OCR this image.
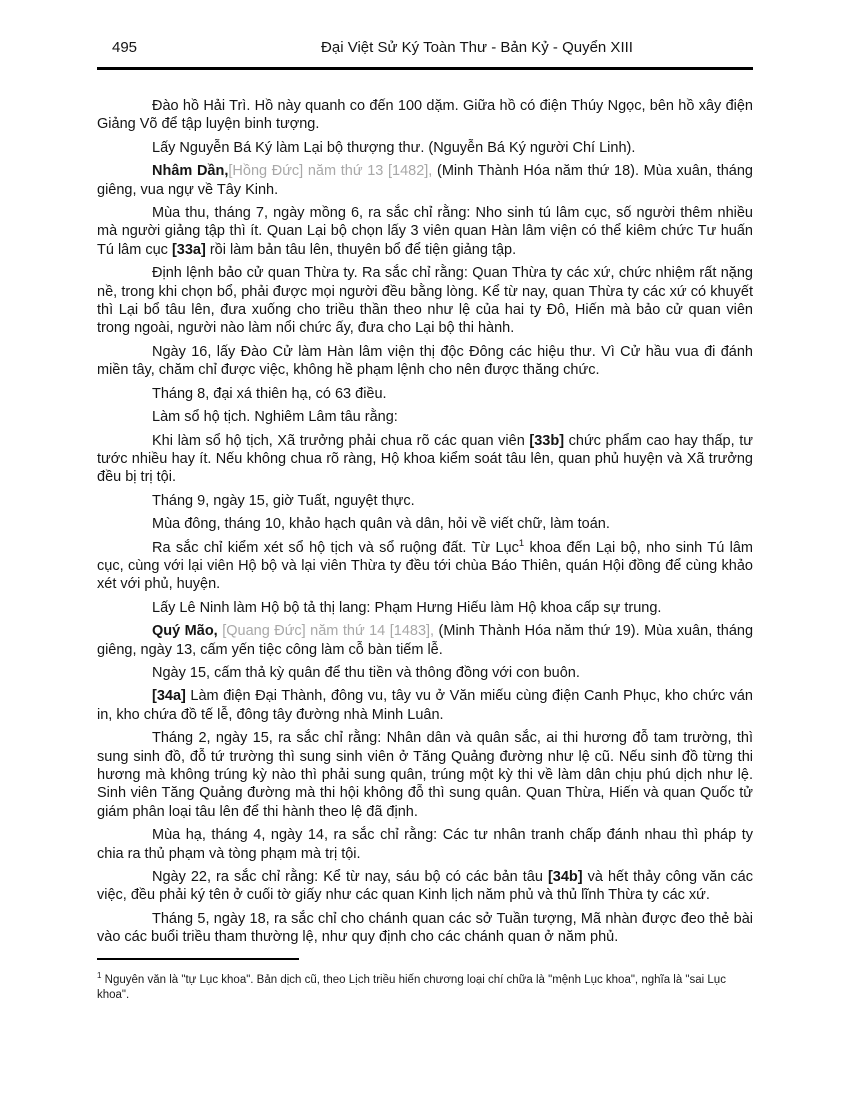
495	Đại Việt Sử Ký Toàn Thư - Bản Kỷ - Quyển XIII

Đào hồ Hải Trì. Hồ này quanh co đến 100 dặm. Giữa hồ có điện Thúy Ngọc, bên hồ xây điện Giảng Võ để tập luyện binh tượng.

Lấy Nguyễn Bá Ký làm Lại bộ thượng thư. (Nguyễn Bá Ký người Chí Linh).

Nhâm Dần,[Hồng Đức] năm thứ 13 [1482], (Minh Thành Hóa năm thứ 18). Mùa xuân, tháng giêng, vua ngự về Tây Kinh.

Mùa thu, tháng 7, ngày mồng 6, ra sắc chỉ rằng: Nho sinh tú lâm cục, số người thêm nhiều mà người giảng tập thì ít. Quan Lại bộ chọn lấy 3 viên quan Hàn lâm viện có thể kiêm chức Tư huấn Tú lâm cục [33a] rồi làm bản tâu lên, thuyên bổ để tiện giảng tập.

Định lệnh bảo cử quan Thừa ty. Ra sắc chỉ rằng: Quan Thừa ty các xứ, chức nhiệm rất nặng nề, trong khi chọn bổ, phải được mọi người đều bằng lòng. Kể từ nay, quan Thừa ty các xứ có khuyết thì Lại bổ tâu lên, đưa xuống cho triều thần theo như lệ của hai ty Đô, Hiến mà bảo cử quan viên trong ngoài, người nào làm nổi chức ấy, đưa cho Lại bộ thi hành.

Ngày 16, lấy Đào Cử làm Hàn lâm viện thị độc Đông các hiệu thư. Vì Cử hầu vua đi đánh miền tây, chăm chỉ được việc, không hề phạm lệnh cho nên được thăng chức.

Tháng 8, đại xá thiên hạ, có 63 điều.

Làm sổ hộ tịch. Nghiêm Lâm tâu rằng:

Khi làm sổ hộ tịch, Xã trưởng phải chua rõ các quan viên [33b] chức phẩm cao hay thấp, tư tước nhiều hay ít. Nếu không chua rõ ràng, Hộ khoa kiểm soát tâu lên, quan phủ huyện và Xã trưởng đều bị trị tội.

Tháng 9, ngày 15, giờ Tuất, nguyệt thực.

Mùa đông, tháng 10, khảo hạch quân và dân, hỏi về viết chữ, làm toán.

Ra sắc chỉ kiểm xét sổ hộ tịch và sổ ruộng đất. Từ Lục$^1$ khoa đến Lại bộ, nho sinh Tú lâm cục, cùng với lại viên Hộ bộ và lại viên Thừa ty đều tới chùa Báo Thiên, quán Hội đồng để cùng khảo xét với phủ, huyện.

Lấy Lê Ninh làm Hộ bộ tả thị lang: Phạm Hưng Hiếu làm Hộ khoa cấp sự trung.

Quý Mão, [Quang Đức] năm thứ 14 [1483], (Minh Thành Hóa năm thứ 19). Mùa xuân, tháng giêng, ngày 13, cấm yến tiệc công làm cỗ bàn tiếm lễ.

Ngày 15, cấm thả kỳ quân để thu tiền và thông đồng với con buôn.

[34a] Làm điện Đại Thành, đông vu, tây vu ở Văn miếu cùng điện Canh Phục, kho chức ván in, kho chứa đồ tế lễ, đông tây đường nhà Minh Luân.

Tháng 2, ngày 15, ra sắc chỉ rằng: Nhân dân và quân sắc, ai thi hương đỗ tam trường, thì sung sinh đồ, đỗ tứ trường thì sung sinh viên ở Tăng Quảng đường như lệ cũ. Nếu sinh đồ từng thi hương mà không trúng kỳ nào thì phải sung quân, trúng một kỳ thi về làm dân chịu phú dịch như lệ. Sinh viên Tăng Quảng đường mà thi hội không đỗ thì sung quân. Quan Thừa, Hiến và quan Quốc tử giám phân loại tâu lên để thi hành theo lệ đã định.

Mùa hạ, tháng 4, ngày 14, ra sắc chỉ rằng: Các tư nhân tranh chấp đánh nhau thì pháp ty chia ra thủ phạm và tòng phạm mà trị tội.

Ngày 22, ra sắc chỉ rằng: Kể từ nay, sáu bộ có các bản tâu [34b] và hết thảy công văn các việc, đều phải ký tên ở cuối tờ giấy như các quan Kinh lịch năm phủ và thủ lĩnh Thừa ty các xứ.

Tháng 5, ngày 18, ra sắc chỉ cho chánh quan các sở Tuần tượng, Mã nhàn được đeo thẻ bài vào các buổi triều tham thường lệ, như quy định cho các chánh quan ở năm phủ.

$^1$ Nguyên văn là "tự Lục khoa". Bản dịch cũ, theo Lịch triều hiến chương loại chí chữa là "mệnh Lục khoa", nghĩa là "sai Lục khoa".
